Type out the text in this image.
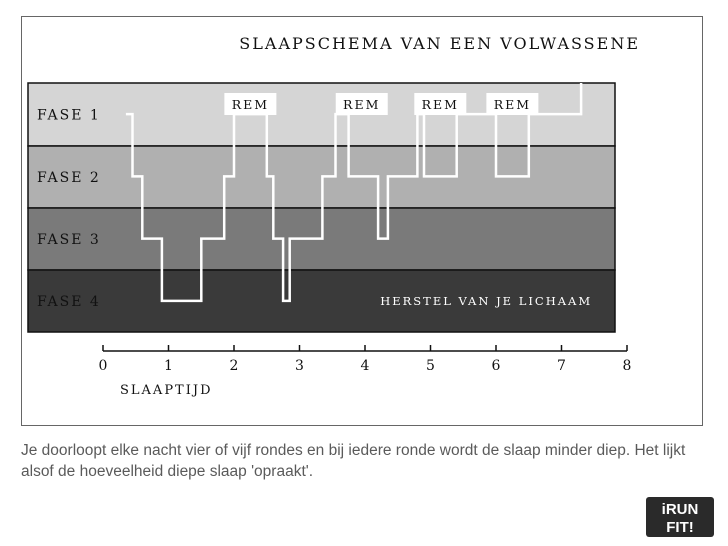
FASE 1
FASE 2
FASE 3
FASE 4
SLAAPSCHEMA VAN EEN VOLWASSENE
REM	REM	REM	REM
HERSTEL VAN JE LICHAAM
0	1	2	3	4	5	6	7	8
SLAAPTIJD
Je doorloopt elke nacht vier of vijf rondes en bij iedere ronde wordt de slaap minder diep. Het lijkt alsof de hoeveelheid diepe slaap 'opraakt'.
iRUN
FIT!
